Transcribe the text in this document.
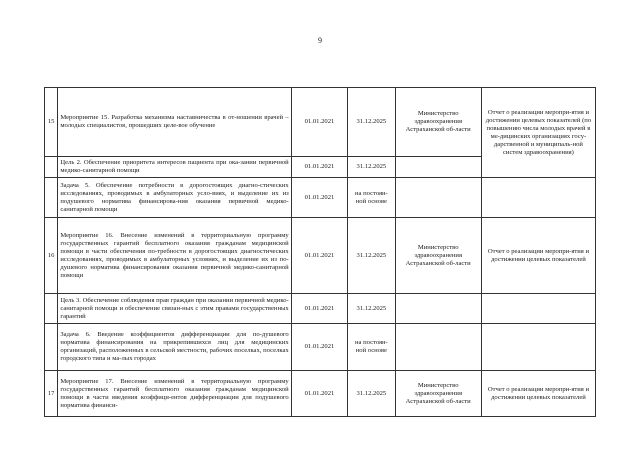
9
15	Мероприятие 15. Разработка механизма наставничества в от-ношении врачей – молодых специалистов, прошедших целе-вое обучение	01.01.2021	31.12.2025	Министерство здравоохранения Астраханской об-ласти	Отчет о реализации меропри-ятия и достижении целевых показателей (по повышению числа молодых врачей в ме-дицинских организациях госу-дарственной и муниципаль-ной систем здравоохранения)
	Цель 2. Обеспечение приоритета интересов пациента при ока-зании первичной медико-санитарной помощи	01.01.2021	31.12.2025		
	Задача 5. Обеспечение потребности в дорогостоящих диагно-стических исследованиях, проводимых в амбулаторных усло-виях, и выделение их из подушевого норматива финансирова-ния оказания первичной медико-санитарной помощи	01.01.2021	на постоян-ной основе		
16	Мероприятие 16. Внесение изменений в территориальную программу государственных гарантий бесплатного оказания гражданам медицинской помощи в части обеспечения по-требности в дорогостоящих диагностических исследованиях, проводимых в амбулаторных условиях, и выделение их из по-душевого норматива финансирования оказания первичной медико-санитарной помощи	01.01.2021	31.12.2025	Министерство здравоохранения Астраханской об-ласти	Отчет о реализации меропри-ятия и достижении целевых показателей
	Цель 3. Обеспечение соблюдения прав граждан при оказании первичной медико-санитарной помощи и обеспечение связан-ных с этим правами государственных гарантий	01.01.2021	31.12.2025		
	Задача 6. Введение коэффициентов дифференциации для по-душевого норматива финансирования на прикрепившихся лиц для медицинских организаций, расположенных в сельской местности, рабочих поселках, поселках городского типа и ма-лых городах	01.01.2021	на постоян-ной основе		
17	Мероприятие 17. Внесение изменений в территориальную программу государственных гарантий бесплатного оказания гражданам медицинской помощи в части введения коэффици-ентов дифференциации для подушевого норматива финанси-	01.01.2021	31.12.2025	Министерство здравоохранения Астраханской об-ласти	Отчет о реализации меропри-ятия и достижении целевых показателей
